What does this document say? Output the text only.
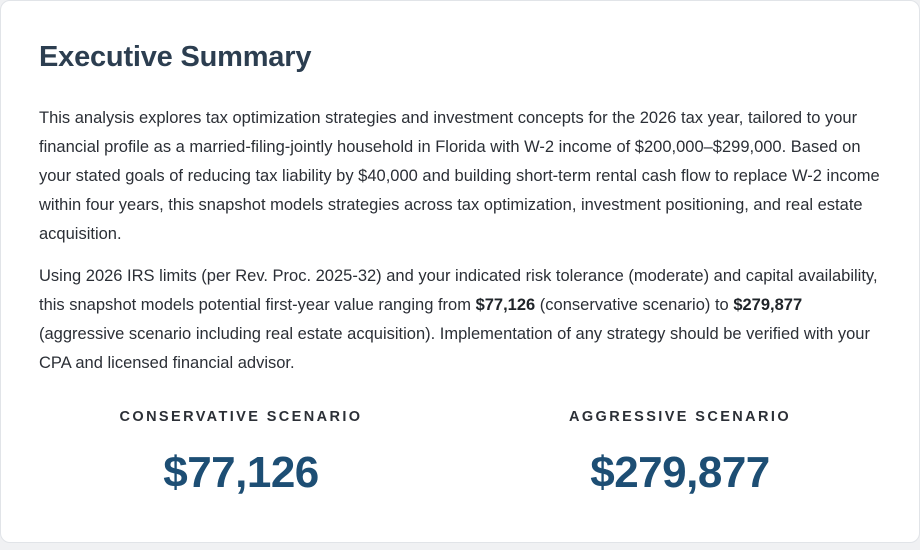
Executive Summary

This analysis explores tax optimization strategies and investment concepts for the 2026 tax year, tailored to your financial profile as a married-filing-jointly household in Florida with W-2 income of $200,000–$299,000. Based on your stated goals of reducing tax liability by $40,000 and building short-term rental cash flow to replace W-2 income within four years, this snapshot models strategies across tax optimization, investment positioning, and real estate acquisition.

Using 2026 IRS limits (per Rev. Proc. 2025-32) and your indicated risk tolerance (moderate) and capital availability, this snapshot models potential first-year value ranging from $77,126 (conservative scenario) to $279,877 (aggressive scenario including real estate acquisition). Implementation of any strategy should be verified with your CPA and licensed financial advisor.

CONSERVATIVE SCENARIO
$77,126
AGGRESSIVE SCENARIO
$279,877
